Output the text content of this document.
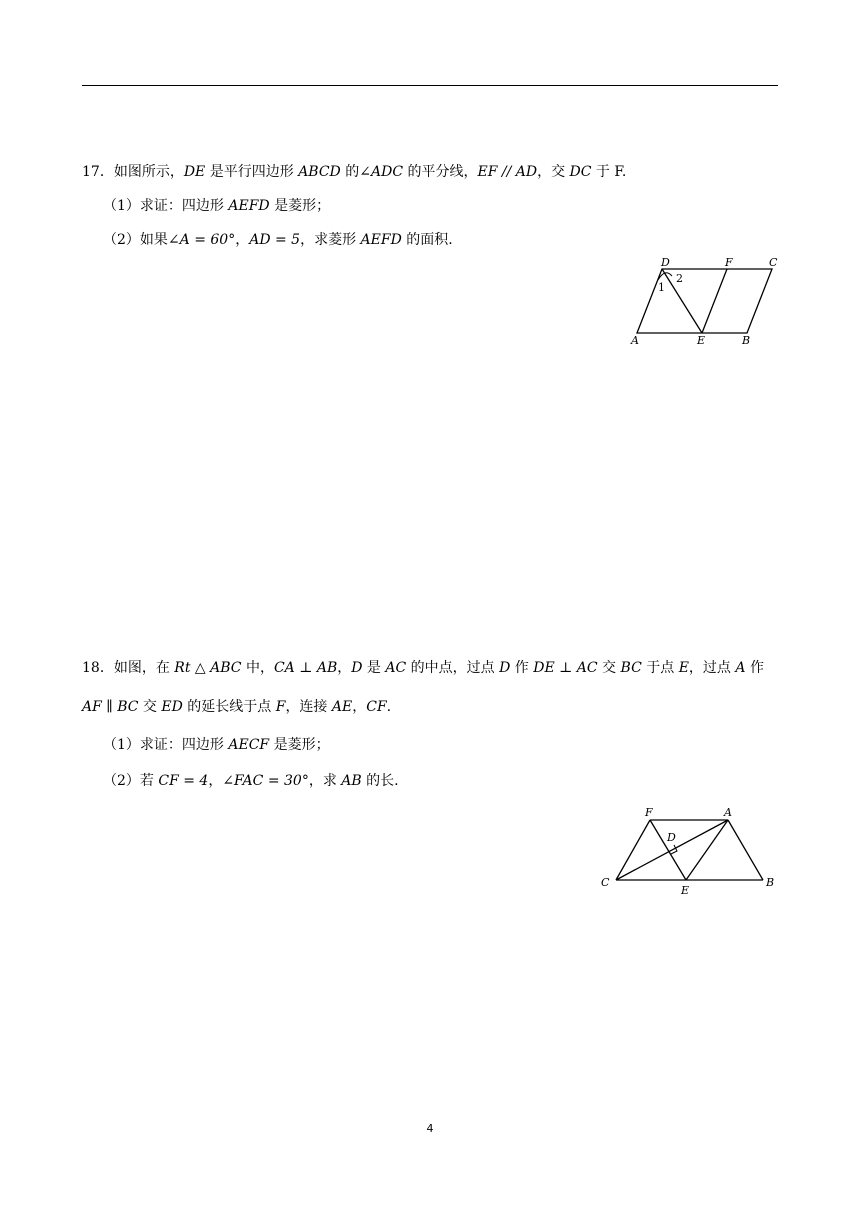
17．如图所示，DE 是平行四边形 ABCD 的∠ADC 的平分线，EF // AD，交 DC 于 F.
（1）求证：四边形 AEFD 是菱形；
（2）如果∠A = 60°，AD = 5，求菱形 AEFD 的面积.
D	F	C
1
2
A	E	B
18．如图，在 Rt △ ABC 中，CA ⊥ AB，D 是 AC 的中点，过点 D 作 DE ⊥ AC 交 BC 于点 E，过点 A 作
AF ∥ BC 交 ED 的延长线于点 F，连接 AE，CF.
（1）求证：四边形 AECF 是菱形；
（2）若 CF = 4，∠FAC = 30°，求 AB 的长.
F	A
D
C
E
B
4
